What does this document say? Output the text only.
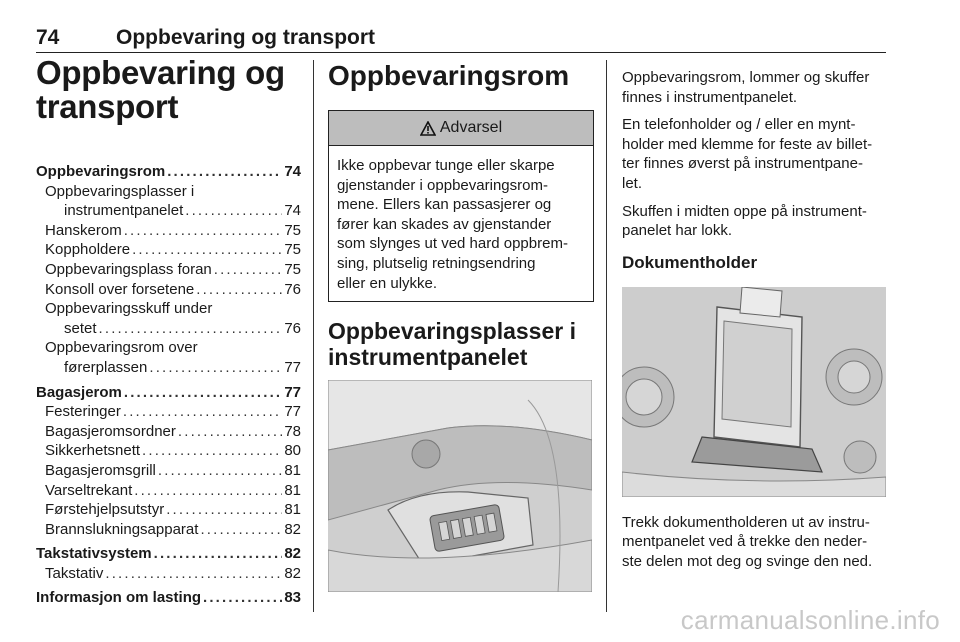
74	Oppbevaring og transport
Oppbevaring og
transport
Oppbevaringsrom . . .	74
Oppbevaringsplasser i
instrumentpanelet . . .	74
Hanskerom . . .	75
Koppholdere . . .	75
Oppbevaringsplass foran . . .	75
Konsoll over forsetene . . .	76
Oppbevaringsskuff under
setet . . .	76
Oppbevaringsrom over
førerplassen . . .	77
Bagasjerom . . .	77
Festeringer . . .	77
Bagasjeromsordner . . .	78
Sikkerhetsnett . . .	80
Bagasjeromsgrill . . .	81
Varseltrekant . . .	81
Førstehjelpsutstyr . . .	81
Brannslukningsapparat . . .	82
Takstativsystem . . .	82
Takstativ . . .	82
Informasjon om lasting . . .	83
Oppbevaringsrom
Advarsel
Ikke oppbevar tunge eller skarpe
gjenstander i oppbevaringsrom-
mene. Ellers kan passasjerer og
fører kan skades av gjenstander
som slynges ut ved hard oppbrem-
sing, plutselig retningsendring
eller en ulykke.
Oppbevaringsplasser i
instrumentpanelet

Oppbevaringsrom, lommer og skuffer
finnes i instrumentpanelet.

En telefonholder og / eller en mynt-
holder med klemme for feste av billet-
ter finnes øverst på instrumentpane-
let.

Skuffen i midten oppe på instrument-
panelet har lokk.

Dokumentholder

Trekk dokumentholderen ut av instru-
mentpanelet ved å trekke den neder-
ste delen mot deg og svinge den ned.

carmanualsonline.info
